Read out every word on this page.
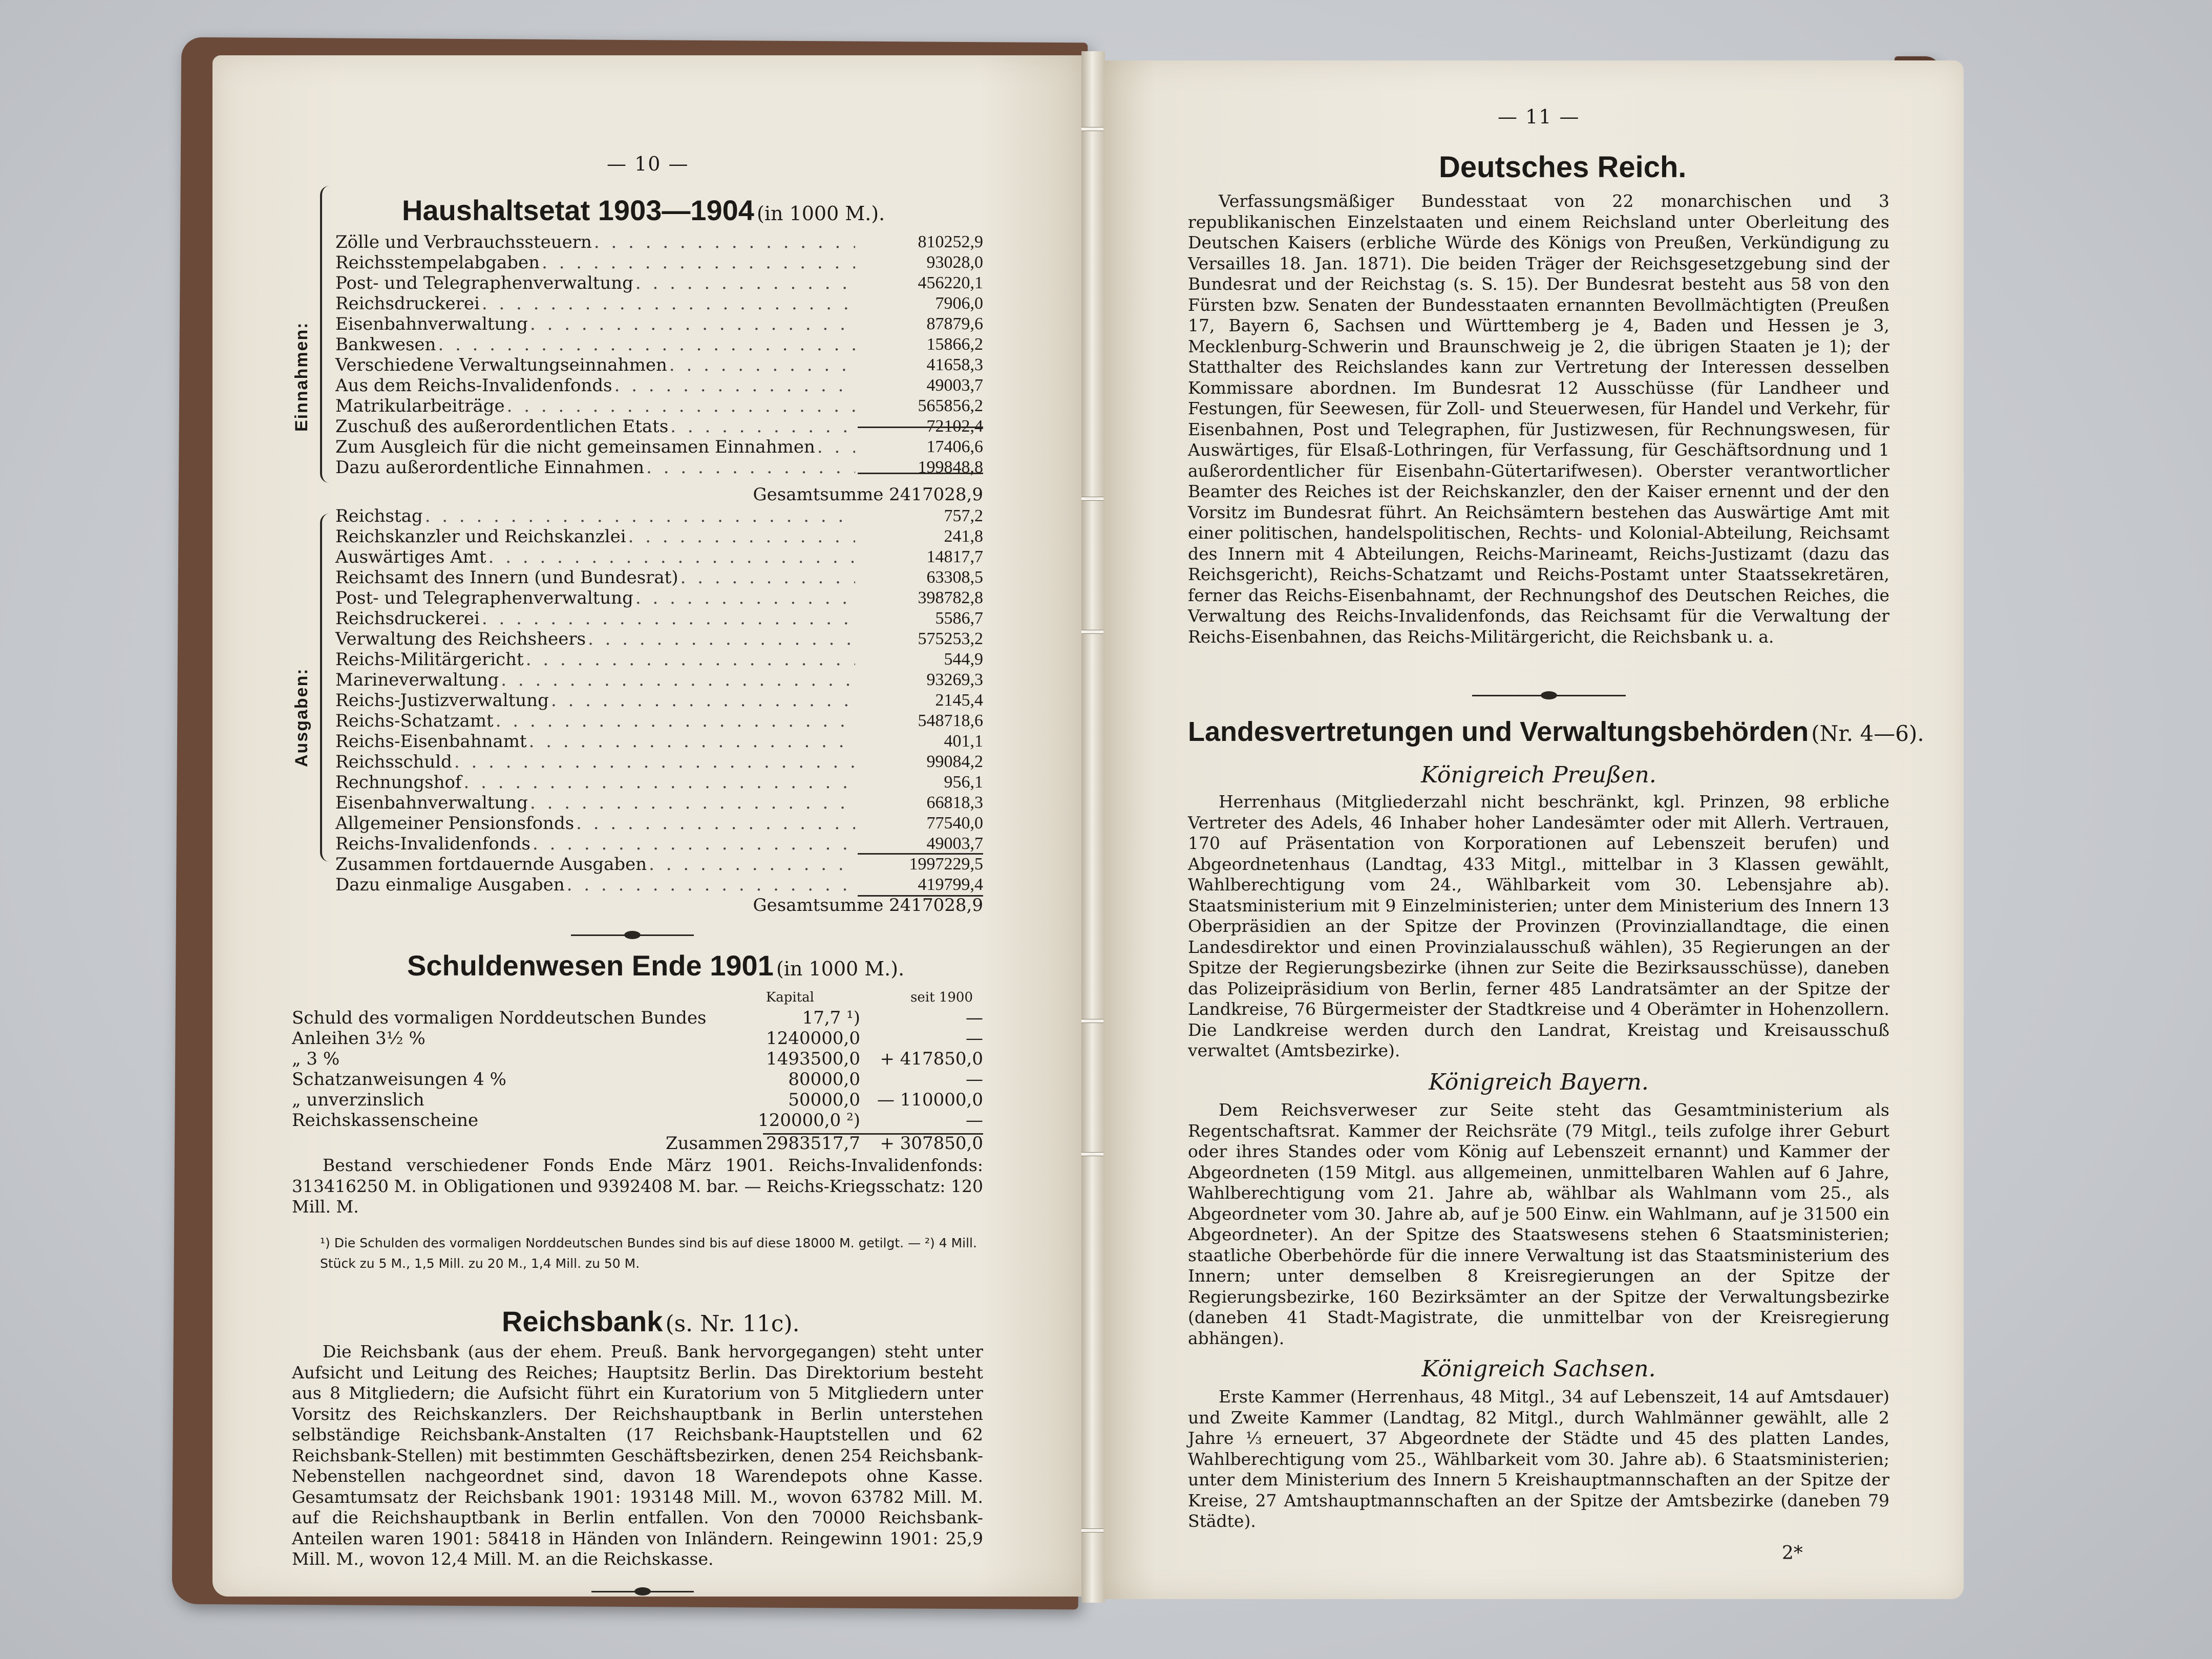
— 10 —
Haushaltsetat 1903—1904 (in 1000 M.).
Einnahmen:
Zölle und Verbrauchssteuern . . .	810252,9
Reichsstempelabgaben . . .	93028,0
Post- und Telegraphenverwaltung . . .	456220,1
Reichsdruckerei . . .	7906,0
Eisenbahnverwaltung . . .	87879,6
Bankwesen . . .	15866,2
Verschiedene Verwaltungseinnahmen . . .	41658,3
Aus dem Reichs-Invalidenfonds . . .	49003,7
Matrikularbeiträge . . .	565856,2
Zuschuß des außerordentlichen Etats . . .	72102,4
Zum Ausgleich für die nicht gemeinsamen Einnahmen . . .	17406,6
Dazu außerordentliche Einnahmen . . .	199848,8
Gesamtsumme 2417028,9
Ausgaben:
Reichstag . . .	757,2
Reichskanzler und Reichskanzlei . . .	241,8
Auswärtiges Amt . . .	14817,7
Reichsamt des Innern (und Bundesrat) . . .	63308,5
Post- und Telegraphenverwaltung . . .	398782,8
Reichsdruckerei . . .	5586,7
Verwaltung des Reichsheers . . .	575253,2
Reichs-Militärgericht . . .	544,9
Marineverwaltung . . .	93269,3
Reichs-Justizverwaltung . . .	2145,4
Reichs-Schatzamt . . .	548718,6
Reichs-Eisenbahnamt . . .	401,1
Reichsschuld . . .	99084,2
Rechnungshof . . .	956,1
Eisenbahnverwaltung . . .	66818,3
Allgemeiner Pensionsfonds . . .	77540,0
Reichs-Invalidenfonds . . .	49003,7
Zusammen fortdauernde Ausgaben . . .	1997229,5
Dazu einmalige Ausgaben . . .	419799,4
Gesamtsumme 2417028,9
Schuldenwesen Ende 1901 (in 1000 M.).
Kapital	seit 1900
Schuld des vormaligen Norddeutschen Bundes	17,7 ¹)	—
Anleihen 3½ %	1240000,0	—
„ 3 %	1493500,0 + 417850,0
Schatzanweisungen 4 %	80000,0	—
„ unverzinslich	50000,0 — 110000,0
Reichskassenscheine	120000,0 ²)	—
Zusammen 2983517,7 + 307850,0

Bestand verschiedener Fonds Ende März 1901. Reichs-Invalidenfonds: 313416250 M. in Obligationen und 9392408 M. bar. — Reichs-Kriegsschatz: 120 Mill. M.

¹) Die Schulden des vormaligen Norddeutschen Bundes sind bis auf diese 18000 M. getilgt. — ²) 4 Mill. Stück zu 5 M., 1,5 Mill. zu 20 M., 1,4 Mill. zu 50 M.
Reichsbank (s. Nr. 11c).

Die Reichsbank (aus der ehem. Preuß. Bank hervorgegangen) steht unter Aufsicht und Leitung des Reiches; Hauptsitz Berlin. Das Direktorium besteht aus 8 Mitgliedern; die Aufsicht führt ein Kuratorium von 5 Mitgliedern unter Vorsitz des Reichskanzlers. Der Reichshauptbank in Berlin unterstehen selbständige Reichsbank-Anstalten (17 Reichsbank-Hauptstellen und 62 Reichsbank-Stellen) mit bestimmten Geschäftsbezirken, denen 254 Reichsbank-Nebenstellen nachgeordnet sind, davon 18 Warendepots ohne Kasse. Gesamtumsatz der Reichsbank 1901: 193148 Mill. M., wovon 63782 Mill. M. auf die Reichshauptbank in Berlin entfallen. Von den 70000 Reichsbank-Anteilen waren 1901: 58418 in Händen von Inländern. Reingewinn 1901: 25,9 Mill. M., wovon 12,4 Mill. M. an die Reichskasse.

— 11 —
Deutsches Reich.

Verfassungsmäßiger Bundesstaat von 22 monarchischen und 3 republikanischen Einzelstaaten und einem Reichsland unter Oberleitung des Deutschen Kaisers (erbliche Würde des Königs von Preußen, Verkündigung zu Versailles 18. Jan. 1871). Die beiden Träger der Reichsgesetzgebung sind der Bundesrat und der Reichstag (s. S. 15). Der Bundesrat besteht aus 58 von den Fürsten bzw. Senaten der Bundesstaaten ernannten Bevollmächtigten (Preußen 17, Bayern 6, Sachsen und Württemberg je 4, Baden und Hessen je 3, Mecklenburg-Schwerin und Braunschweig je 2, die übrigen Staaten je 1); der Statthalter des Reichslandes kann zur Vertretung der Interessen desselben Kommissare abordnen. Im Bundesrat 12 Ausschüsse (für Landheer und Festungen, für Seewesen, für Zoll- und Steuerwesen, für Handel und Verkehr, für Eisenbahnen, Post und Telegraphen, für Justizwesen, für Rechnungswesen, für Auswärtiges, für Elsaß-Lothringen, für Verfassung, für Geschäftsordnung und 1 außerordentlicher für Eisenbahn-Gütertarifwesen). Oberster verantwortlicher Beamter des Reiches ist der Reichskanzler, den der Kaiser ernennt und der den Vorsitz im Bundesrat führt. An Reichsämtern bestehen das Auswärtige Amt mit einer politischen, handelspolitischen, Rechts- und Kolonial-Abteilung, Reichsamt des Innern mit 4 Abteilungen, Reichs-Marineamt, Reichs-Justizamt (dazu das Reichsgericht), Reichs-Schatzamt und Reichs-Postamt unter Staatssekretären, ferner das Reichs-Eisenbahnamt, der Rechnungshof des Deutschen Reiches, die Verwaltung des Reichs-Invalidenfonds, das Reichsamt für die Verwaltung der Reichs-Eisenbahnen, das Reichs-Militärgericht, die Reichsbank u. a.

Landesvertretungen und Verwaltungsbehörden (Nr. 4—6).
Königreich Preußen.

Herrenhaus (Mitgliederzahl nicht beschränkt, kgl. Prinzen, 98 erbliche Vertreter des Adels, 46 Inhaber hoher Landesämter oder mit Allerh. Vertrauen, 170 auf Präsentation von Korporationen auf Lebenszeit berufen) und Abgeordnetenhaus (Landtag, 433 Mitgl., mittelbar in 3 Klassen gewählt, Wahlberechtigung vom 24., Wählbarkeit vom 30. Lebensjahre ab). Staatsministerium mit 9 Einzelministerien; unter dem Ministerium des Innern 13 Oberpräsidien an der Spitze der Provinzen (Provinziallandtage, die einen Landesdirektor und einen Provinzialausschuß wählen), 35 Regierungen an der Spitze der Regierungsbezirke (ihnen zur Seite die Bezirksausschüsse), daneben das Polizeipräsidium von Berlin, ferner 485 Landratsämter an der Spitze der Landkreise, 76 Bürgermeister der Stadtkreise und 4 Oberämter in Hohenzollern. Die Landkreise werden durch den Landrat, Kreistag und Kreisausschuß verwaltet (Amtsbezirke).

Königreich Bayern.

Dem Reichsverweser zur Seite steht das Gesamtministerium als Regentschaftsrat. Kammer der Reichsräte (79 Mitgl., teils zufolge ihrer Geburt oder ihres Standes oder vom König auf Lebenszeit ernannt) und Kammer der Abgeordneten (159 Mitgl. aus allgemeinen, unmittelbaren Wahlen auf 6 Jahre, Wahlberechtigung vom 21. Jahre ab, wählbar als Wahlmann vom 25., als Abgeordneter vom 30. Jahre ab, auf je 500 Einw. ein Wahlmann, auf je 31500 ein Abgeordneter). An der Spitze des Staatswesens stehen 6 Staatsministerien; staatliche Oberbehörde für die innere Verwaltung ist das Staatsministerium des Innern; unter demselben 8 Kreisregierungen an der Spitze der Regierungsbezirke, 160 Bezirksämter an der Spitze der Verwaltungsbezirke (daneben 41 Stadt-Magistrate, die unmittelbar von der Kreisregierung abhängen).

Königreich Sachsen.

Erste Kammer (Herrenhaus, 48 Mitgl., 34 auf Lebenszeit, 14 auf Amtsdauer) und Zweite Kammer (Landtag, 82 Mitgl., durch Wahlmänner gewählt, alle 2 Jahre ⅓ erneuert, 37 Abgeordnete der Städte und 45 des platten Landes, Wahlberechtigung vom 25., Wählbarkeit vom 30. Jahre ab). 6 Staatsministerien; unter dem Ministerium des Innern 5 Kreishauptmannschaften an der Spitze der Kreise, 27 Amtshauptmannschaften an der Spitze der Amtsbezirke (daneben 79 Städte).

2*
